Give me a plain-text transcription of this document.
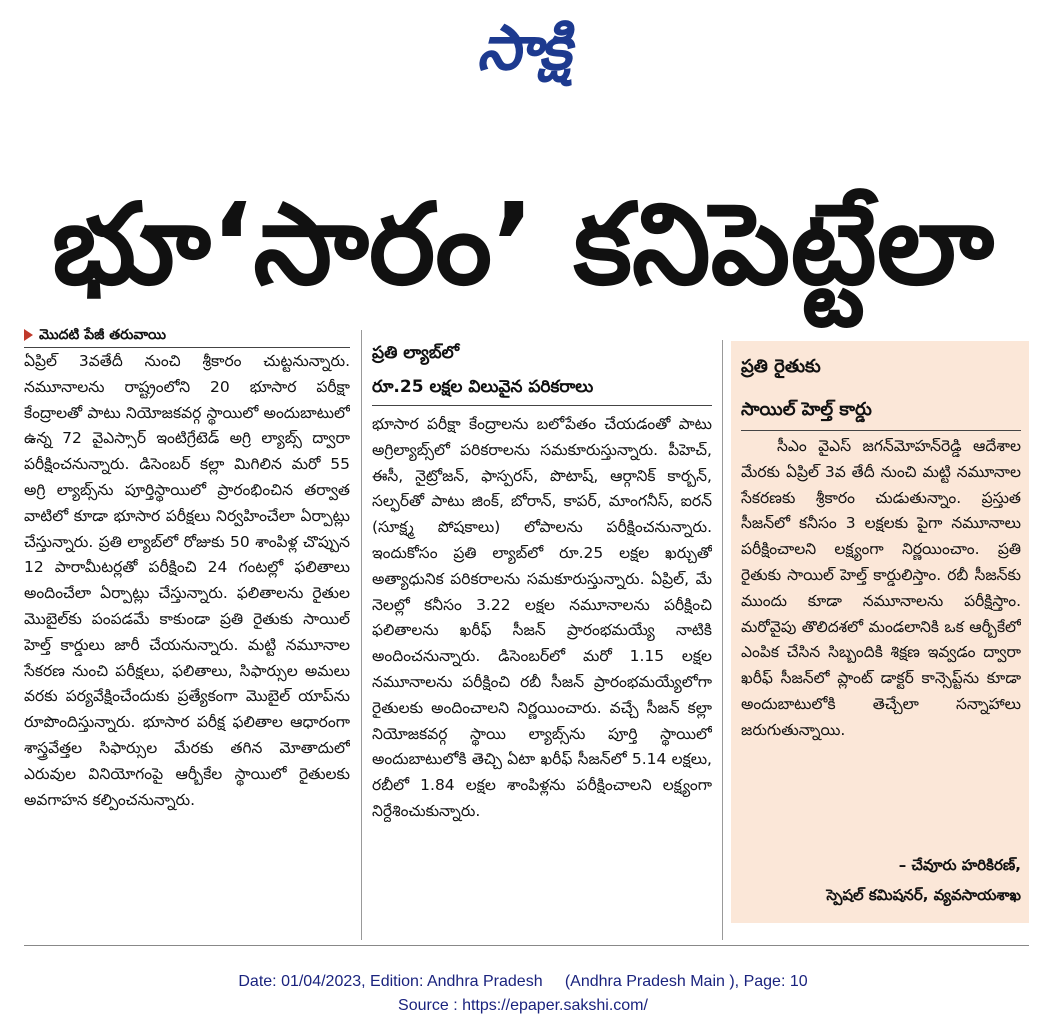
సాక్షి
భూ‘సారం’ కనిపెట్టేలా
మొదటి పేజీ తరువాయి

ఏప్రిల్ 3వతేదీ నుంచి శ్రీకారం చుట్టనున్నారు. నమూనాలను రాష్ట్రంలోని 20 భూసార పరీక్షా కేంద్రాలతో పాటు నియోజకవర్గ స్థాయిలో అందుబాటులో ఉన్న 72 వైఎస్సార్ ఇంటిగ్రేటెడ్ అగ్రి ల్యాబ్స్ ద్వారా పరీక్షించనున్నారు. డిసెంబర్ కల్లా మిగిలిన మరో 55 అగ్రి ల్యాబ్స్‌ను పూర్తిస్థాయిలో ప్రారంభించిన తర్వాత వాటిలో కూడా భూసార పరీక్షలు నిర్వహించేలా ఏర్పాట్లు చేస్తున్నారు. ప్రతి ల్యాబ్‌లో రోజుకు 50 శాంపిళ్ల చొప్పున 12 పారామీటర్లతో పరీక్షించి 24 గంటల్లో ఫలితాలు అందించేలా ఏర్పాట్లు చేస్తున్నారు. ఫలితాలను రైతుల మొబైల్‌కు పంపడమే కాకుండా ప్రతి రైతుకు సాయిల్ హెల్త్ కార్డులు జారీ చేయనున్నారు. మట్టి నమూనాల సేకరణ నుంచి పరీక్షలు, ఫలితాలు, సిఫార్సుల అమలు వరకు పర్యవేక్షించేందుకు ప్రత్యేకంగా మొబైల్ యాప్‌ను రూపొందిస్తున్నారు. భూసార పరీక్ష ఫలితాల ఆధారంగా శాస్త్రవేత్తల సిఫార్సుల మేరకు తగిన మోతాదులో ఎరువుల వినియోగంపై ఆర్బీకేల స్థాయిలో రైతులకు అవగాహన కల్పించనున్నారు.

ప్రతి ల్యాబ్‌లో
రూ.25 లక్షల విలువైన పరికరాలు

భూసార పరీక్షా కేంద్రాలను బలోపేతం చేయడంతో పాటు అగ్రిల్యాబ్స్‌లో పరికరాలను సమకూరుస్తున్నారు. పీహెచ్, ఈసీ, నైట్రోజన్, ఫాస్పరస్, పొటాష్, ఆర్గానిక్ కార్బన్, సల్ఫర్‌తో పాటు జింక్, బోరాన్, కాపర్, మాంగనీస్, ఐరన్ (సూక్ష్మ పోషకాలు) లోపాలను పరీక్షించనున్నారు. ఇందుకోసం ప్రతి ల్యాబ్‌లో రూ.25 లక్షల ఖర్చుతో అత్యాధునిక పరికరాలను సమకూరుస్తున్నారు. ఏప్రిల్, మే నెలల్లో కనీసం 3.22 లక్షల నమూనాలను పరీక్షించి ఫలితాలను ఖరీఫ్ సీజన్ ప్రారంభమయ్యే నాటికి అందించనున్నారు. డిసెంబర్‌లో మరో 1.15 లక్షల నమూనాలను పరీక్షించి రబీ సీజన్ ప్రారంభమయ్యేలోగా రైతులకు అందించాలని నిర్ణయించారు. వచ్చే సీజన్ కల్లా నియోజకవర్గ స్థాయి ల్యాబ్స్‌ను పూర్తి స్థాయిలో అందుబాటులోకి తెచ్చి ఏటా ఖరీఫ్ సీజన్‌లో 5.14 లక్షలు, రబీలో 1.84 లక్షల శాంపిళ్లను పరీక్షించాలని లక్ష్యంగా నిర్దేశించుకున్నారు.

ప్రతి రైతుకు
సాయిల్ హెల్త్ కార్డు

సీఎం వైఎస్ జగన్‌మోహన్‌రెడ్డి ఆదేశాల మేరకు ఏప్రిల్ 3వ తేదీ నుంచి మట్టి నమూనాల సేకరణకు శ్రీకారం చుడుతున్నాం. ప్రస్తుత సీజన్‌లో కనీసం 3 లక్షలకు పైగా నమూనాలు పరీక్షించాలని లక్ష్యంగా నిర్ణయించాం. ప్రతి రైతుకు సాయిల్ హెల్త్ కార్డులిస్తాం. రబీ సీజన్‌కు ముందు కూడా నమూనాలను పరీక్షిస్తాం. మరోవైపు తొలిదశలో మండలానికి ఒక ఆర్బీకేలో ఎంపిక చేసిన సిబ్బందికి శిక్షణ ఇవ్వడం ద్వారా ఖరీఫ్ సీజన్‌లో ప్లాంట్ డాక్టర్ కాన్సెప్ట్‌ను కూడా అందుబాటులోకి తెచ్చేలా సన్నాహాలు జరుగుతున్నాయి.

– చేవూరు హరికిరణ్,
స్పెషల్ కమిషనర్, వ్యవసాయశాఖ
Date: 01/04/2023, Edition: Andhra Pradesh     (Andhra Pradesh Main ), Page: 10
Source : https://epaper.sakshi.com/
